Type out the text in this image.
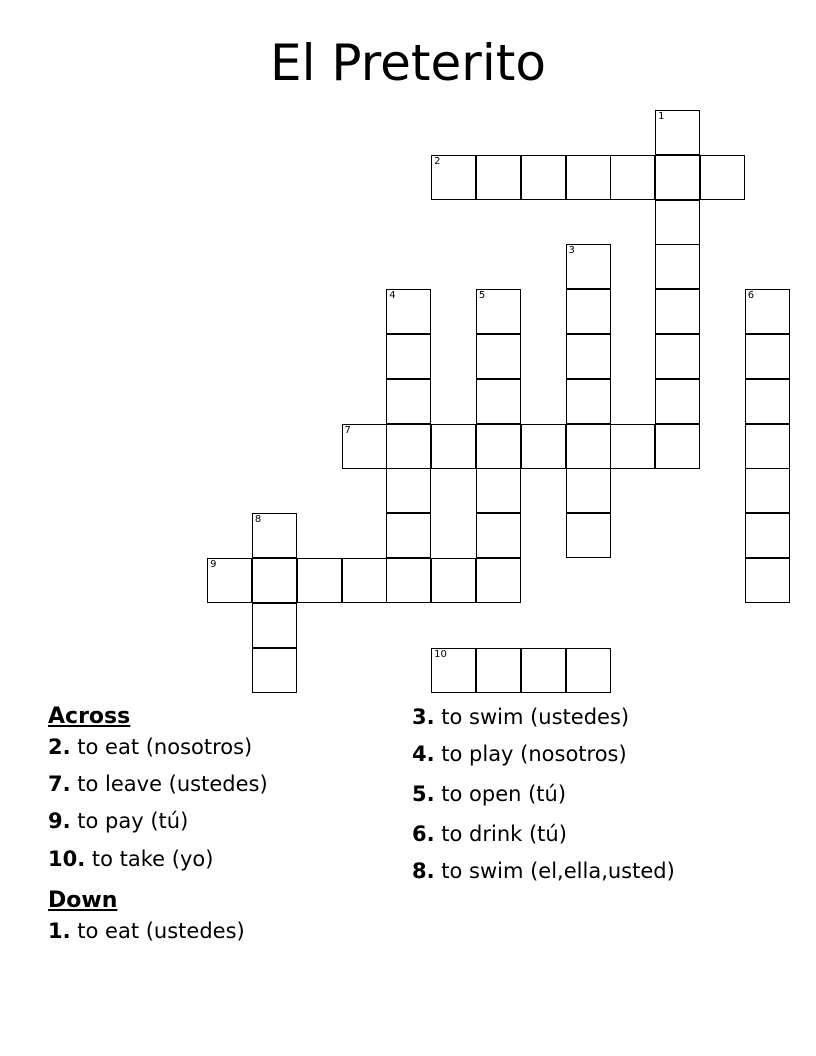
El Preterito
1
2
3
4	5	6
7
8
9
10
Across
2. to eat (nosotros)
7. to leave (ustedes)
9. to pay (tú)
10. to take (yo)
Down
1. to eat (ustedes)
3. to swim (ustedes)
4. to play (nosotros)
5. to open (tú)
6. to drink (tú)
8. to swim (el,ella,usted)
